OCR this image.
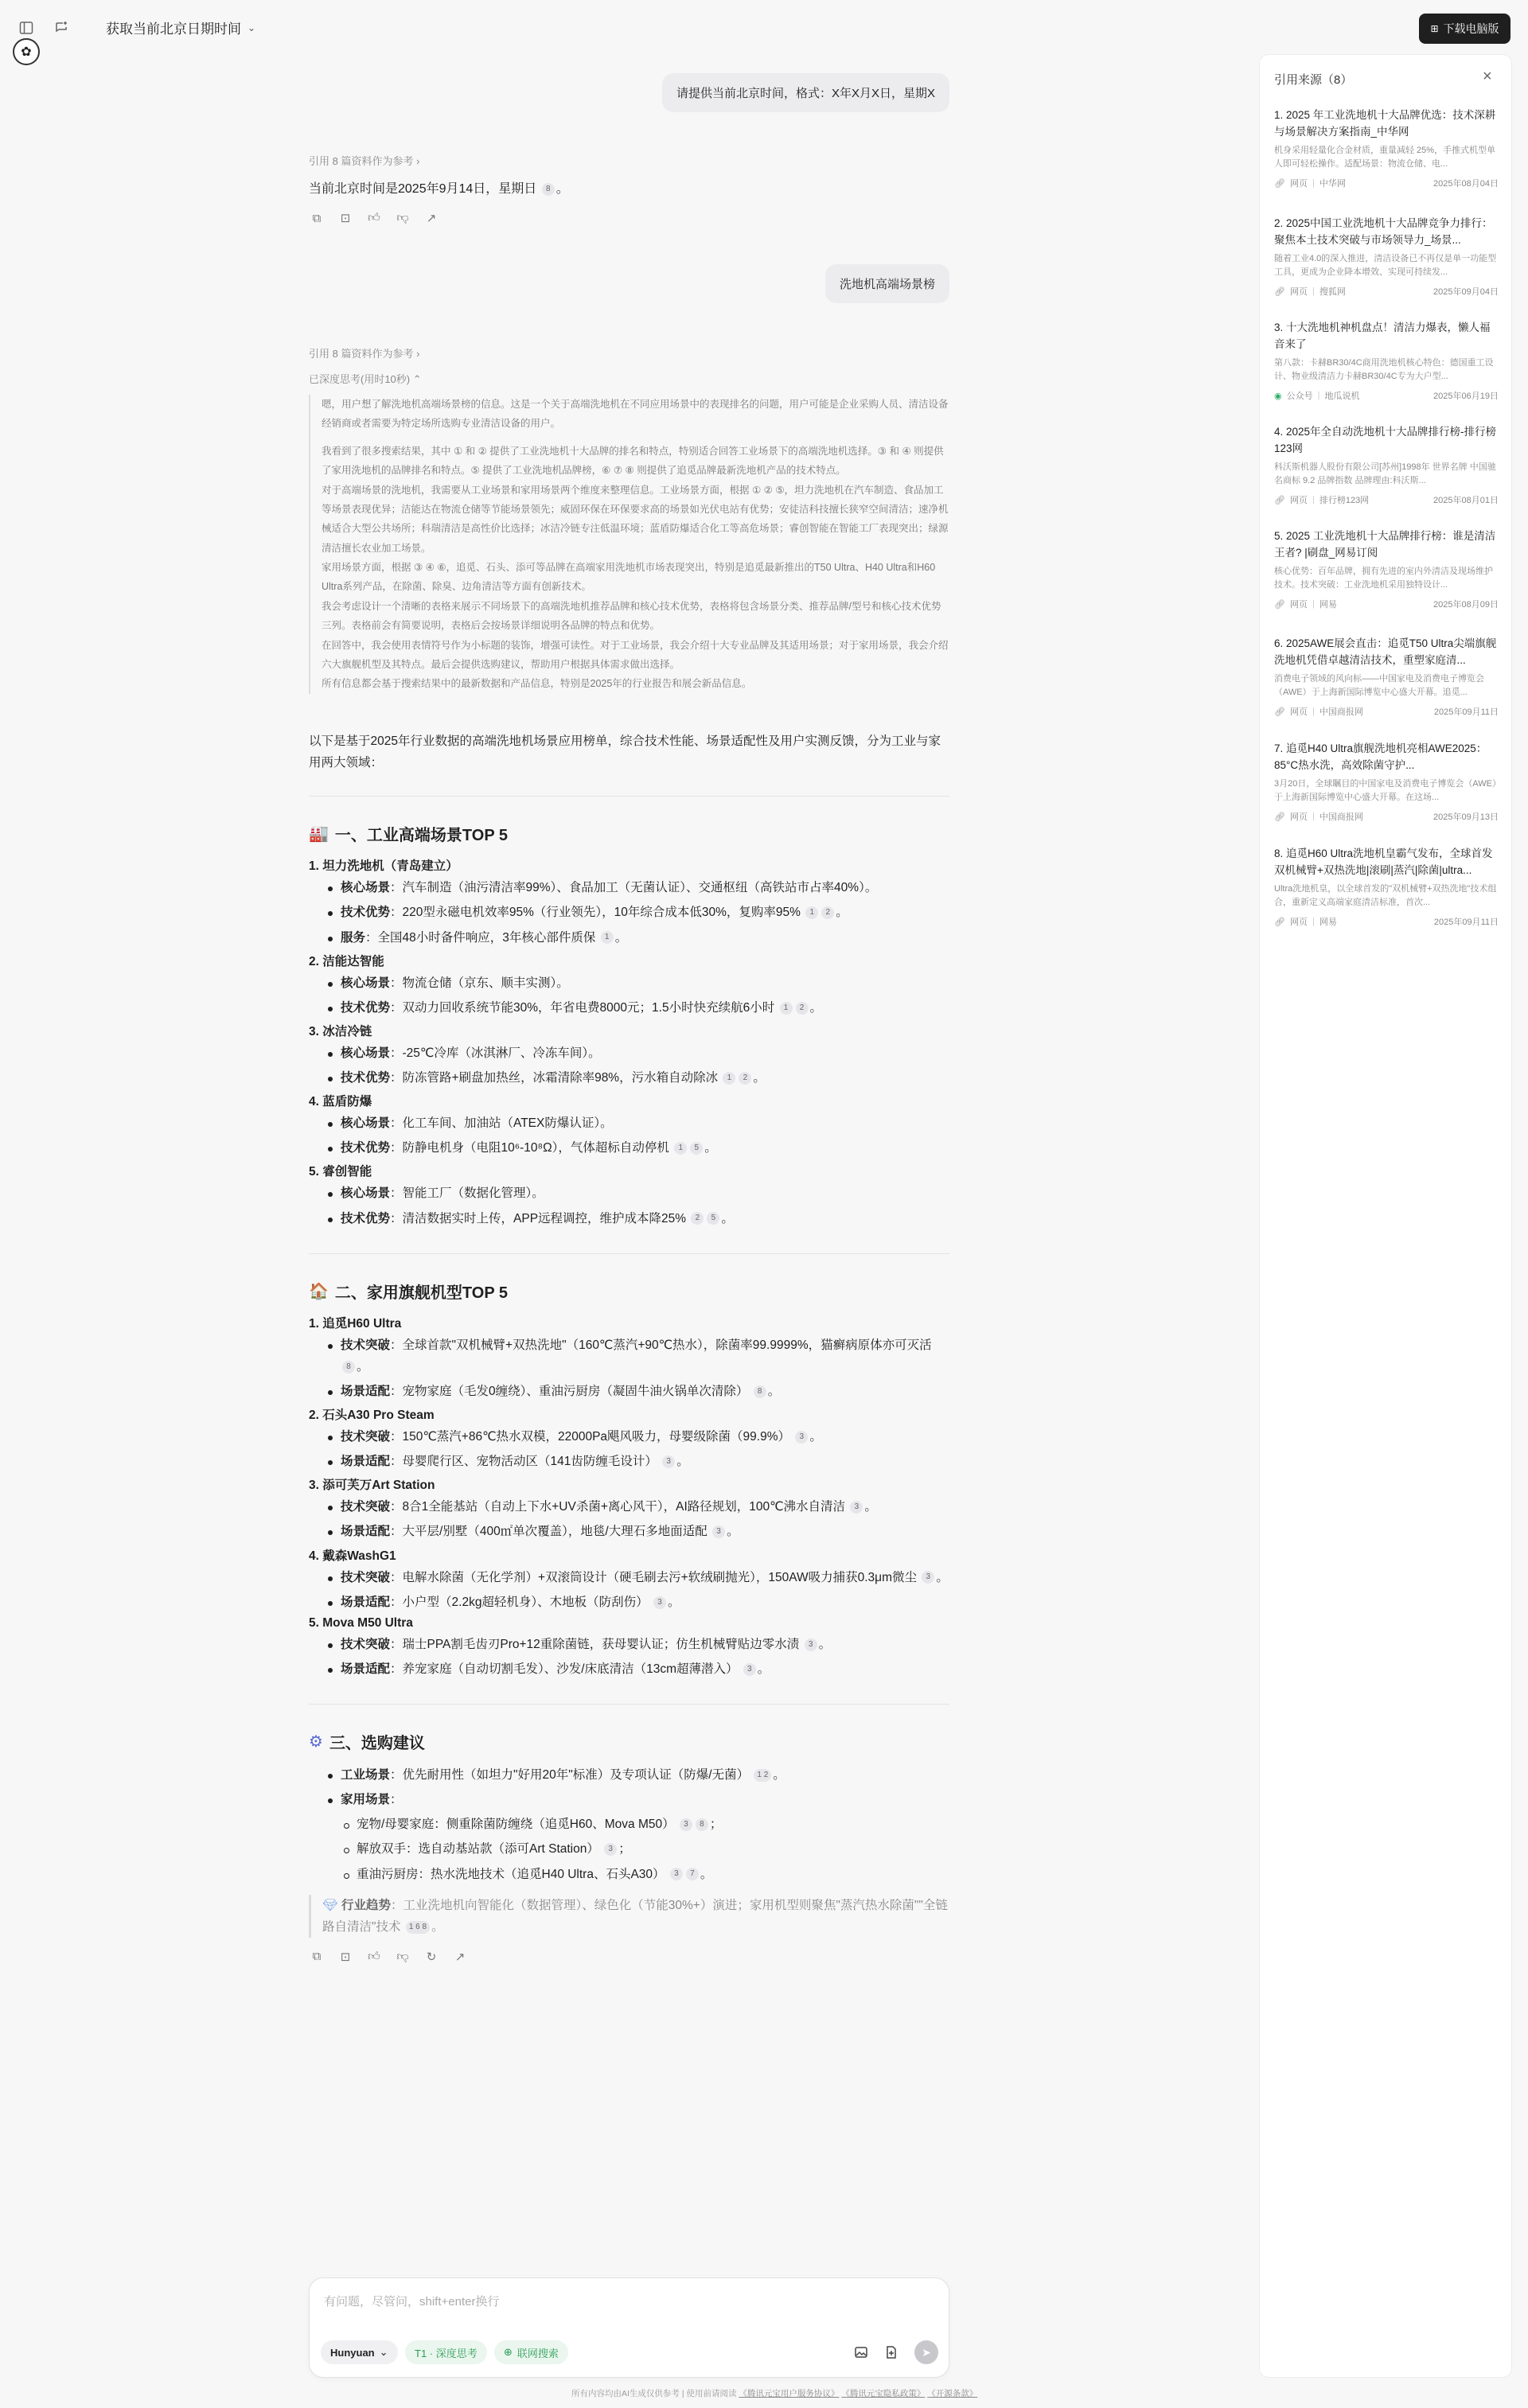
获取当前北京日期时间 ⌄
✿
⊞ 下载电脑版
请提供当前北京时间，格式：X年X月X日，星期X
引用 8 篇资料作为参考 ›
当前北京时间是2025年9月14日，星期日 8 。
⧉	⊡ 👍︎ 👎︎ ↗
洗地机高端场景榜
引用 8 篇资料作为参考 ›
已深度思考(用时10秒) ⌃

嗯，用户想了解洗地机高端场景榜的信息。这是一个关于高端洗地机在不同应用场景中的表现排名的问题，用户可能是企业采购人员、清洁设备经销商或者需要为特定场所选购专业清洁设备的用户。

我看到了很多搜索结果，其中 ① 和 ② 提供了工业洗地机十大品牌的排名和特点，特别适合回答工业场景下的高端洗地机选择。③ 和 ④ 则提供了家用洗地机的品牌排名和特点。⑤ 提供了工业洗地机品牌榜，⑥ ⑦ ⑧ 则提供了追觅品牌最新洗地机产品的技术特点。

对于高端场景的洗地机，我需要从工业场景和家用场景两个维度来整理信息。工业场景方面，根据 ① ② ⑤，坦力洗地机在汽车制造、食品加工等场景表现优异；洁能达在物流仓储等节能场景领先；威固环保在环保要求高的场景如光伏电站有优势；安徒洁科技擅长狭窄空间清洁；速净机械适合大型公共场所；科瑞清洁是高性价比选择；冰洁冷链专注低温环境；蓝盾防爆适合化工等高危场景；睿创智能在智能工厂表现突出；绿源清洁擅长农业加工场景。

家用场景方面，根据 ③ ④ ⑥，追觅、石头、添可等品牌在高端家用洗地机市场表现突出，特别是追觅最新推出的T50 Ultra、H40 Ultra和H60 Ultra系列产品，在除菌、除臭、边角清洁等方面有创新技术。

我会考虑设计一个清晰的表格来展示不同场景下的高端洗地机推荐品牌和核心技术优势，表格将包含场景分类、推荐品牌/型号和核心技术优势三列。表格前会有简要说明，表格后会按场景详细说明各品牌的特点和优势。

在回答中，我会使用表情符号作为小标题的装饰，增强可读性。对于工业场景，我会介绍十大专业品牌及其适用场景；对于家用场景，我会介绍六大旗舰机型及其特点。最后会提供选购建议，帮助用户根据具体需求做出选择。

所有信息都会基于搜索结果中的最新数据和产品信息，特别是2025年的行业报告和展会新品信息。

以下是基于2025年行业数据的高端洗地机场景应用榜单，综合技术性能、场景适配性及用户实测反馈，分为工业与家用两大领域：
🏭 一、工业高端场景TOP 5
1. 坦力洗地机（青岛建立）
核心场景：汽车制造（油污清洁率99%）、食品加工（无菌认证）、交通枢纽（高铁站市占率40%）。
技术优势：220型永磁电机效率95%（行业领先），10年综合成本低30%，复购率95% 1 2 。
服务：全国48小时备件响应，3年核心部件质保 1 。
2. 洁能达智能
核心场景：物流仓储（京东、顺丰实测）。
技术优势：双动力回收系统节能30%，年省电费8000元；1.5小时快充续航6小时 1 2 。
3. 冰洁冷链
核心场景：-25℃冷库（冰淇淋厂、冷冻车间）。
技术优势：防冻管路+刷盘加热丝，冰霜清除率98%，污水箱自动除冰 1 2 。
4. 蓝盾防爆
核心场景：化工车间、加油站（ATEX防爆认证）。
技术优势：防静电机身（电阻10⁶-10⁸Ω），气体超标自动停机 1 5 。
5. 睿创智能
核心场景：智能工厂（数据化管理）。
技术优势：清洁数据实时上传，APP远程调控，维护成本降25% 2 5 。
🏠 二、家用旗舰机型TOP 5
1. 追觅H60 Ultra
技术突破：全球首款"双机械臂+双热洗地"（160℃蒸汽+90℃热水），除菌率99.9999%，猫癣病原体亦可灭活 8 。
场景适配：宠物家庭（毛发0缠绕）、重油污厨房（凝固牛油火锅单次清除） 8 。
2. 石头A30 Pro Steam
技术突破：150℃蒸汽+86℃热水双模，22000Pa飓风吸力，母婴级除菌（99.9%） 3 。
场景适配：母婴爬行区、宠物活动区（141齿防缠毛设计） 3 。
3. 添可芙万Art Station
技术突破：8合1全能基站（自动上下水+UV杀菌+离心风干），AI路径规划，100℃沸水自清洁 3 。
场景适配：大平层/别墅（400㎡单次覆盖），地毯/大理石多地面适配 3 。
4. 戴森WashG1
技术突破：电解水除菌（无化学剂）+双滚筒设计（硬毛刷去污+软绒刷抛光），150AW吸力捕获0.3μm微尘 3 。
场景适配：小户型（2.2kg超轻机身）、木地板（防刮伤） 3 。
5. Mova M50 Ultra
技术突破：瑞士PPA割毛齿刃Pro+12重除菌链，获母婴认证；仿生机械臂贴边零水渍 3 。
场景适配：养宠家庭（自动切割毛发）、沙发/床底清洁（13cm超薄潜入） 3 。
⚙ 三、选购建议
工业场景：优先耐用性（如坦力"好用20年"标准）及专项认证（防爆/无菌） 1 2 。
家用场景：
宠物/母婴家庭：侧重除菌防缠绕（追觅H60、Mova M50） 3 8 ；
解放双手：选自动基站款（添可Art Station） 3 ；
重油污厨房：热水洗地技术（追觅H40 Ultra、石头A30） 3 7 。
💎︎ 行业趋势：工业洗地机向智能化（数据管理）、绿色化（节能30%+）演进；家用机型则聚焦"蒸汽热水除菌""全链路自清洁"技术 1 6 8 。
⧉	⊡ 👍︎ 👎︎ ↻ ↗
有问题，尽管问，shift+enter换行
Hunyuan ⌄	T1 · 深度思考	⊕ 联网搜索	➤
所有内容均由AI生成仅供参考 | 使用前请阅读 《腾讯元宝用户服务协议》 《腾讯元宝隐私政策》 《开源条款》
引用来源（8）	×
1. 2025 年工业洗地机十大品牌优选：技术深耕与场景解决方案指南_中华网
机身采用轻量化合金材质，重量减轻 25%，手推式机型单人即可轻松操作。适配场景：物流仓储、电...
🔗︎ 网页 | 中华网	2025年08月04日
2. 2025中国工业洗地机十大品牌竞争力排行：聚焦本土技术突破与市场领导力_场景...
随着工业4.0的深入推进，清洁设备已不再仅是单一功能型工具，更成为企业降本增效、实现可持续发...
🔗︎ 网页 | 搜狐网	2025年09月04日
3. 十大洗地机神机盘点！清洁力爆表，懒人福音来了
第八款：卡赫BR30/4C商用洗地机核心特色：德国重工设计、物业级清洁力卡赫BR30/4C专为大户型...
◉ 公众号 | 地瓜说机	2025年06月19日
4. 2025年全自动洗地机十大品牌排行榜-排行榜123网
科沃斯机器人股份有限公司[苏州]1998年 世界名牌 中国驰名商标 9.2 品牌指数 品牌理由:科沃斯...
🔗︎ 网页 | 排行榜123网	2025年08月01日
5. 2025 工业洗地机十大品牌排行榜：谁是清洁王者? |刷盘_网易订阅
核心优势：百年品牌，拥有先进的室内外清洁及现场维护技术。技术突破：工业洗地机采用独特设计...
🔗︎ 网页 | 网易	2025年08月09日
6. 2025AWE展会直击：追觅T50 Ultra尖端旗舰洗地机凭借卓越清洁技术，重塑家庭清...
消费电子领域的风向标——中国家电及消费电子博览会（AWE）于上海新国际博览中心盛大开幕。追觅...
🔗︎ 网页 | 中国商报网	2025年09月11日
7. 追觅H40 Ultra旗舰洗地机亮相AWE2025：85°C热水洗，高效除菌守护...
3月20日，全球瞩目的中国家电及消费电子博览会（AWE）于上海新国际博览中心盛大开幕。在这场...
🔗︎ 网页 | 中国商报网	2025年09月13日
8. 追觅H60 Ultra洗地机皇霸气发布，全球首发双机械臂+双热洗地|滚刷|蒸汽|除菌|ultra...
Ultra洗地机皇，以全球首发的"双机械臂+双热洗地"技术组合，重新定义高端家庭清洁标准，首次...
🔗︎ 网页 | 网易	2025年09月11日
